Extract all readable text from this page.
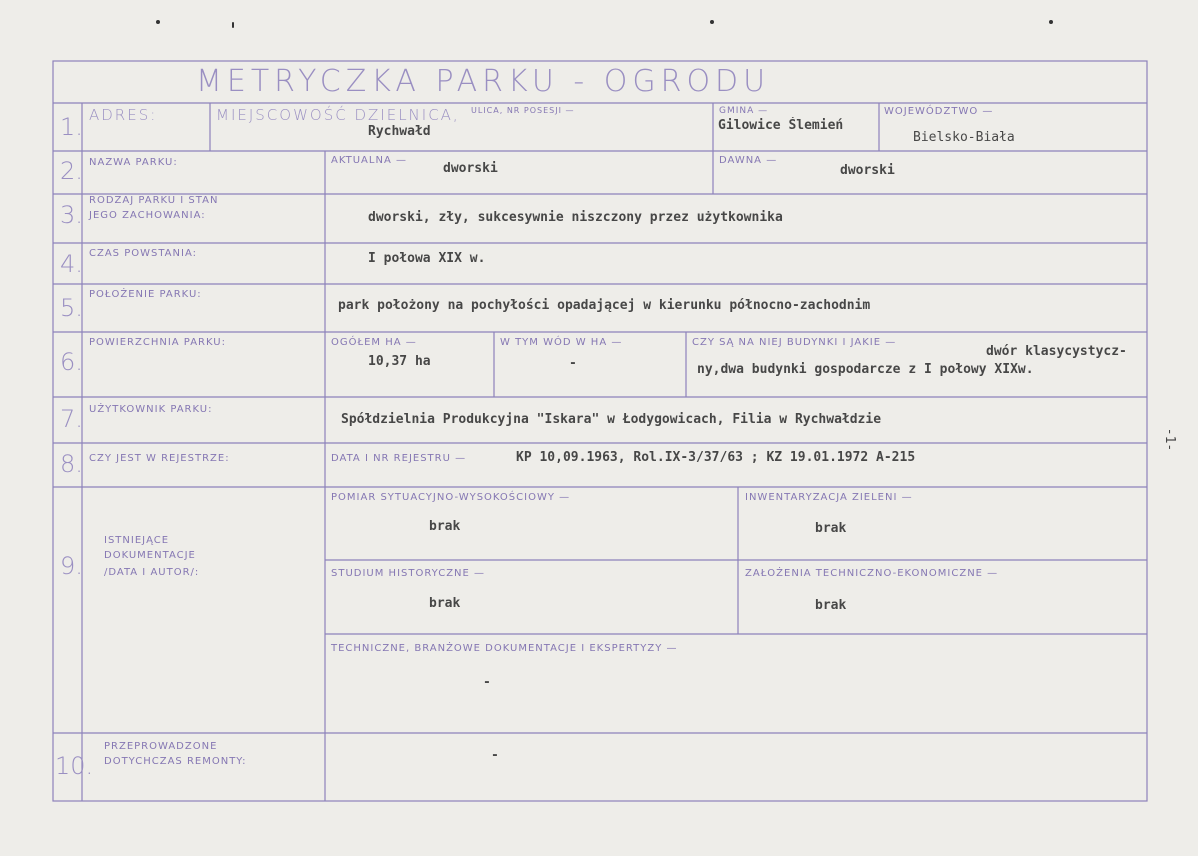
-1-
METRYCZKA PARKU - OGRODU
1. ADRES:	MIEJSCOWOŚĆ DZIELNICA, ULICA, NR POSESJI —
Rychwałd
GMINA —
Gilowice Ślemień
WOJEWÓDZTWO —
Bielsko-Biała
2. NAZWA PARKU:	AKTUALNA —
dworski
DAWNA —
dworski
3.
RODZAJ PARKU I STAN
JEGO ZACHOWANIA:	dworski, zły, sukcesywnie niszczony przez użytkownika
4. CZAS POWSTANIA:	I połowa XIX w.
5. POŁOŻENIE PARKU:
park położony na pochyłości opadającej w kierunku północno-zachodnim
6.
POWIERZCHNIA PARKU:	OGÓŁEM HA —
10,37 ha
W TYM WÓD W HA —
-
CZY SĄ NA NIEJ BUDYNKI I JAKIE —
dwór klasycystycz-
ny,dwa budynki gospodarcze z I połowy XIXw.
7. UŻYTKOWNIK PARKU:
Spółdzielnia Produkcyjna "Iskara" w Łodygowicach, Filia w Rychwałdzie
8. CZY JEST W REJESTRZE:	DATA I NR REJESTRU —	KP 10,09.1963, Rol.IX-3/37/63 ; KZ 19.01.1972 A-215
9.
ISTNIEJĄCE
DOKUMENTACJE
/DATA I AUTOR/:
POMIAR SYTUACYJNO-WYSOKOŚCIOWY —
brak
INWENTARYZACJA ZIELENI —
brak
STUDIUM HISTORYCZNE —
brak
ZAŁOŻENIA TECHNICZNO-EKONOMICZNE —
brak
TECHNICZNE, BRANŻOWE DOKUMENTACJE I EKSPERTYZY —
-
10.
PRZEPROWADZONE
DOTYCHCZAS REMONTY:	-
